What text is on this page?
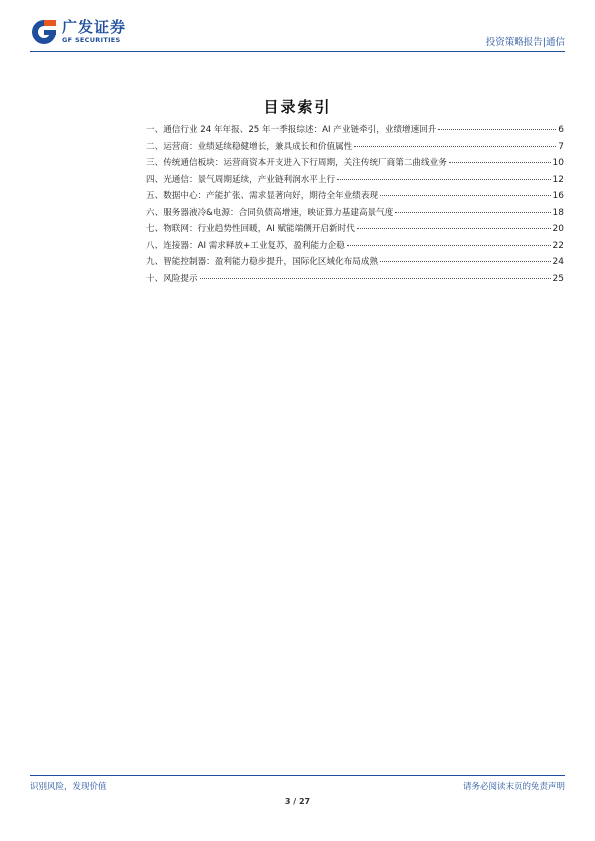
广发证券
GF SECURITIES	投资策略报告|通信
目录索引
一、通信行业 24 年年报、25 年一季报综述：AI 产业链牵引，业绩增速回升	6
二、运营商：业绩延续稳健增长，兼具成长和价值属性	7
三、传统通信板块：运营商资本开支进入下行周期，关注传统厂商第二曲线业务	10
四、光通信：景气周期延续，产业链利润水平上行	12
五、数据中心：产能扩张、需求显著向好，期待全年业绩表现	16
六、服务器液冷&电源：合同负债高增速，映证算力基建高景气度	18
七、物联网：行业趋势性回暖，AI 赋能端侧开启新时代	20
八、连接器：AI 需求释放+工业复苏，盈利能力企稳	22
九、智能控制器：盈利能力稳步提升，国际化区域化布局成熟	24
十、风险提示	25
识别风险，发现价值	请务必阅读末页的免责声明
3 / 27
